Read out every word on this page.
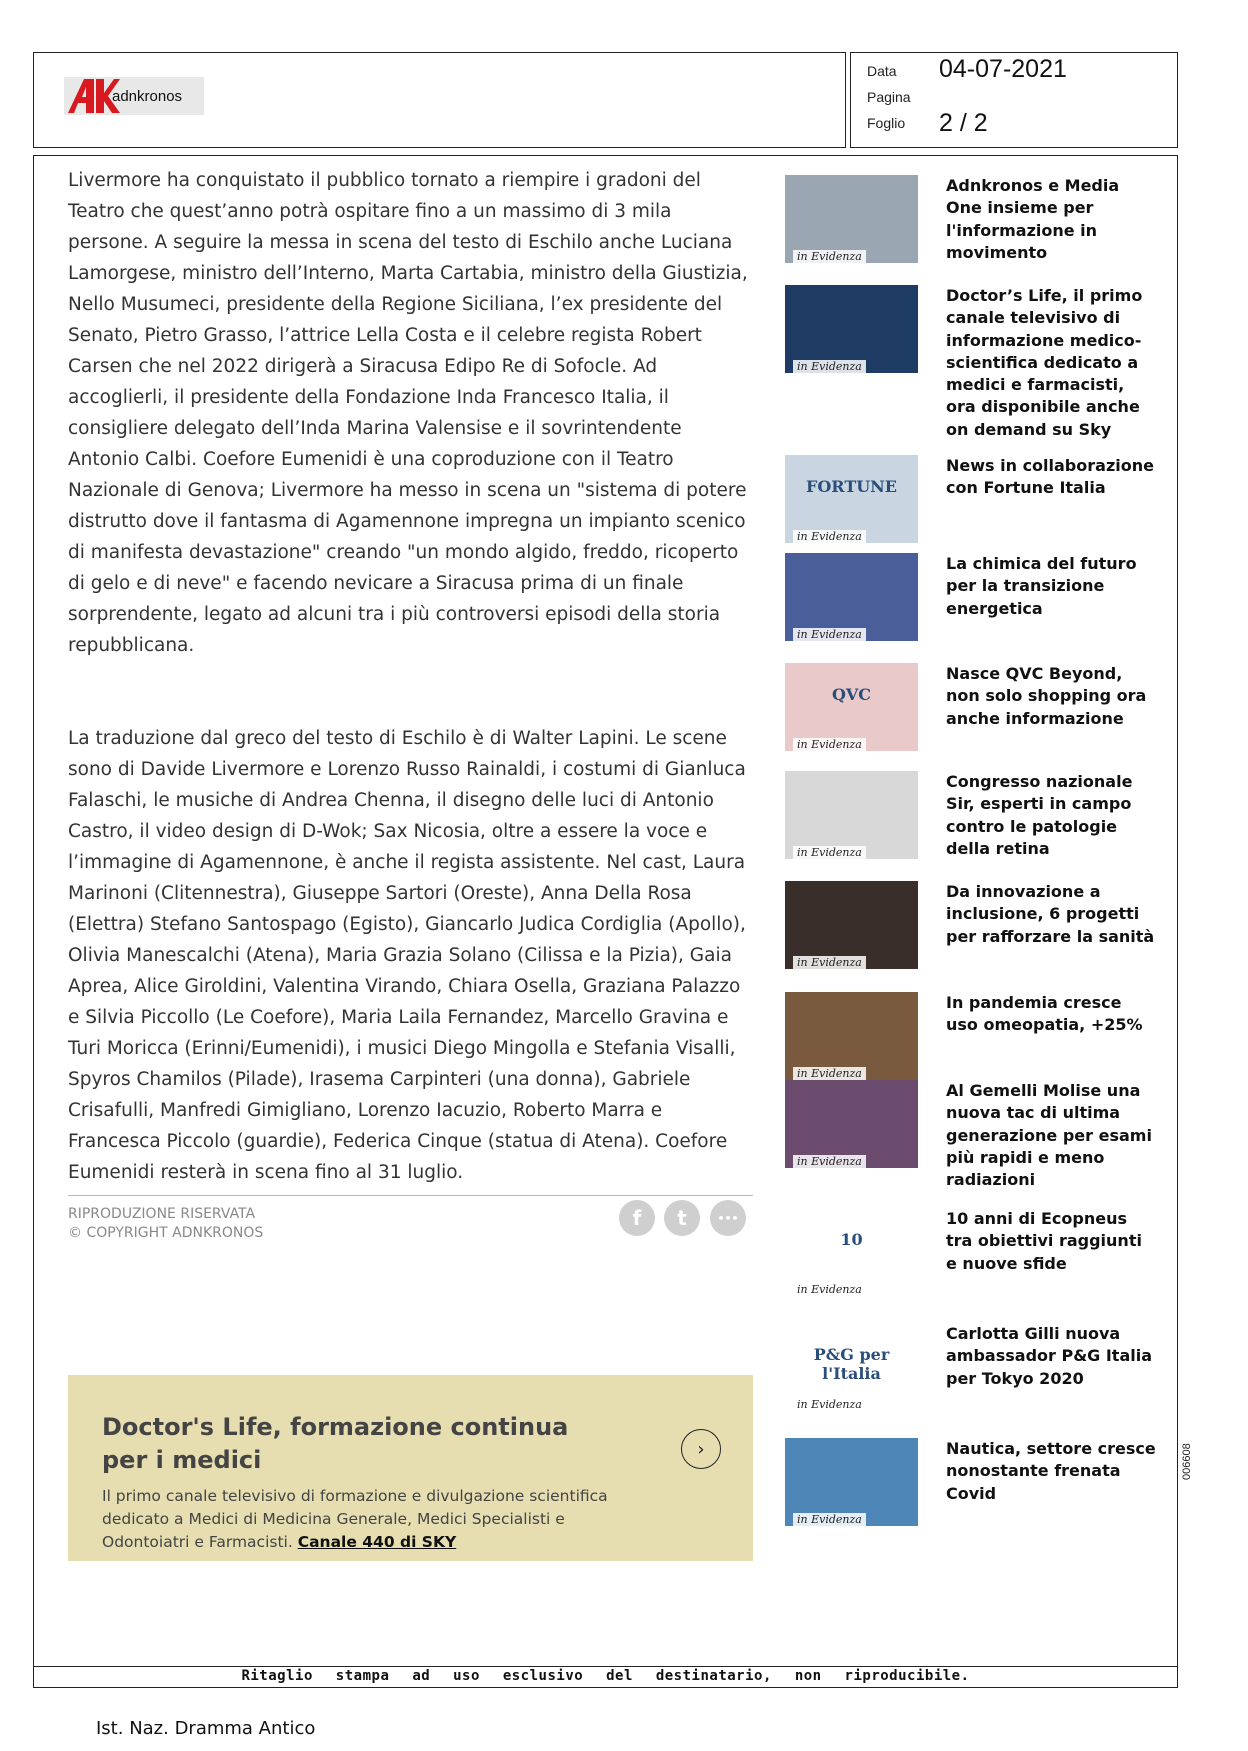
adnkronos
Data 04-07-2021
Pagina
Foglio 2 / 2

Livermore ha conquistato il pubblico tornato a riempire i gradoni del Teatro che quest’anno potrà ospitare fino a un massimo di 3 mila persone. A seguire la messa in scena del testo di Eschilo anche Luciana Lamorgese, ministro dell’Interno, Marta Cartabia, ministro della Giustizia, Nello Musumeci, presidente della Regione Siciliana, l’ex presidente del Senato, Pietro Grasso, l’attrice Lella Costa e il celebre regista Robert Carsen che nel 2022 dirigerà a Siracusa Edipo Re di Sofocle. Ad accoglierli, il presidente della Fondazione Inda Francesco Italia, il consigliere delegato dell’Inda Marina Valensise e il sovrintendente Antonio Calbi. Coefore Eumenidi è una coproduzione con il Teatro Nazionale di Genova; Livermore ha messo in scena un "sistema di potere distrutto dove il fantasma di Agamennone impregna un impianto scenico di manifesta devastazione" creando "un mondo algido, freddo, ricoperto di gelo e di neve" e facendo nevicare a Siracusa prima di un finale sorprendente, legato ad alcuni tra i più controversi episodi della storia repubblicana.

La traduzione dal greco del testo di Eschilo è di Walter Lapini. Le scene sono di Davide Livermore e Lorenzo Russo Rainaldi, i costumi di Gianluca Falaschi, le musiche di Andrea Chenna, il disegno delle luci di Antonio Castro, il video design di D-Wok; Sax Nicosia, oltre a essere la voce e l’immagine di Agamennone, è anche il regista assistente. Nel cast, Laura Marinoni (Clitennestra), Giuseppe Sartori (Oreste), Anna Della Rosa (Elettra) Stefano Santospago (Egisto), Giancarlo Judica Cordiglia (Apollo), Olivia Manescalchi (Atena), Maria Grazia Solano (Cilissa e la Pizia), Gaia Aprea, Alice Giroldini, Valentina Virando, Chiara Osella, Graziana Palazzo e Silvia Piccollo (Le Coefore), Maria Laila Fernandez, Marcello Gravina e Turi Moricca (Erinni/Eumenidi), i musici Diego Mingolla e Stefania Visalli, Spyros Chamilos (Pilade), Irasema Carpinteri (una donna), Gabriele Crisafulli, Manfredi Gimigliano, Lorenzo Iacuzio, Roberto Marra e Francesca Piccolo (guardie), Federica Cinque (statua di Atena). Coefore Eumenidi resterà in scena fino al 31 luglio.

RIPRODUZIONE RISERVATA
© COPYRIGHT ADNKRONOS
f	t	•••
Doctor's Life, formazione continua per i medici
Il primo canale televisivo di formazione e divulgazione scientifica dedicato a Medici di Medicina Generale, Medici Specialisti e Odontoiatri e Farmacisti. Canale 440 di SKY
›
in Evidenza
Adnkronos e Media One insieme per l'informazione in movimento
in Evidenza
Doctor’s Life, il primo canale televisivo di informazione medico-scientifica dedicato a medici e farmacisti, ora disponibile anche on demand su Sky
FORTUNE
in Evidenza
News in collaborazione con Fortune Italia
in Evidenza
La chimica del futuro per la transizione energetica
QVC
in Evidenza
Nasce QVC Beyond, non solo shopping ora anche informazione
in Evidenza
Congresso nazionale Sir, esperti in campo contro le patologie della retina
in Evidenza
Da innovazione a inclusione, 6 progetti per rafforzare la sanità
in Evidenza
In pandemia cresce uso omeopatia, +25%
in Evidenza
Al Gemelli Molise una nuova tac di ultima generazione per esami più rapidi e meno radiazioni
10
in Evidenza
10 anni di Ecopneus tra obiettivi raggiunti e nuove sfide
P&G per l'Italia
in Evidenza
Carlotta Gilli nuova ambassador P&G Italia per Tokyo 2020
in Evidenza
Nautica, settore cresce nonostante frenata Covid
Ritaglio stampa ad uso esclusivo del destinatario, non riproducibile.
006608
Ist. Naz. Dramma Antico
